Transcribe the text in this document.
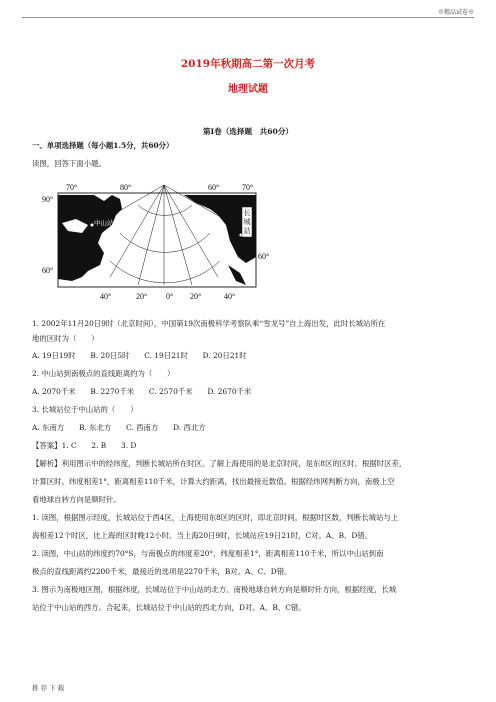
※精品试卷※
2019年秋期高二第一次月考
地理试题
第Ⅰ卷（选择题　共60分）
一、单项选择题（每小题1.5分，共60分）
读图，回答下面小题。
70°	80°	60°	70°
90°
60°
60°
40°	20° 0° 20°	40°
中山站
长
城
站
1. 2002年11月20日9时（北京时间），中国第19次南极科学考察队乘“雪龙号”自上海出发，此时长城站所在
地的区时为（　　）
A. 19日19时　　B. 20日5时　　C. 19日21时　　D. 20日21时
2. 中山站到南极点的直线距离约为（　　）
A. 2070千米　　B. 2270千米　　C. 2570千米　　D. 2670千米
3. 长城站位于中山站的（　　）
A. 东南方　　B. 东北方　　C. 西南方　　D. 西北方
【答案】1. C　　2. B　　3. D
【解析】利用图示中的经纬度，判断长城站所在时区。了解上海使用的是北京时间，是东8区的区时。根据时区差，
计算区时。纬度相差1°，距离相差110千米，计算大约距离，找出最接近数值。根据经纬网判断方向，南极上空
看地球自转方向是顺时针。
1. 读图，根据图示经度，长城站位于西4区，上海使用东8区的区时，即北京时间。根据时区数，判断长城站与上
海相差12个时区，比上海的区时晚12小时。当上海20日9时，长城站应19日21时，C对。A、B、D错。
2. 读图，中山站的纬度约70°S，与南极点的纬度差20°，纬度相差1°，距离相差110千米，所以中山站到南
极点的直线距离约2200千米，最接近的选项是2270千米，B对。A、C、D错。
3. 图示为南极地区图，根据纬度，长城站位于中山站的北方。南极地球自转方向是顺时针方向，根据经度，长城
站位于中山站的西方。合起来，长城站位于中山站的西北方向，D对。A、B、C错。
推 荐 下 载
